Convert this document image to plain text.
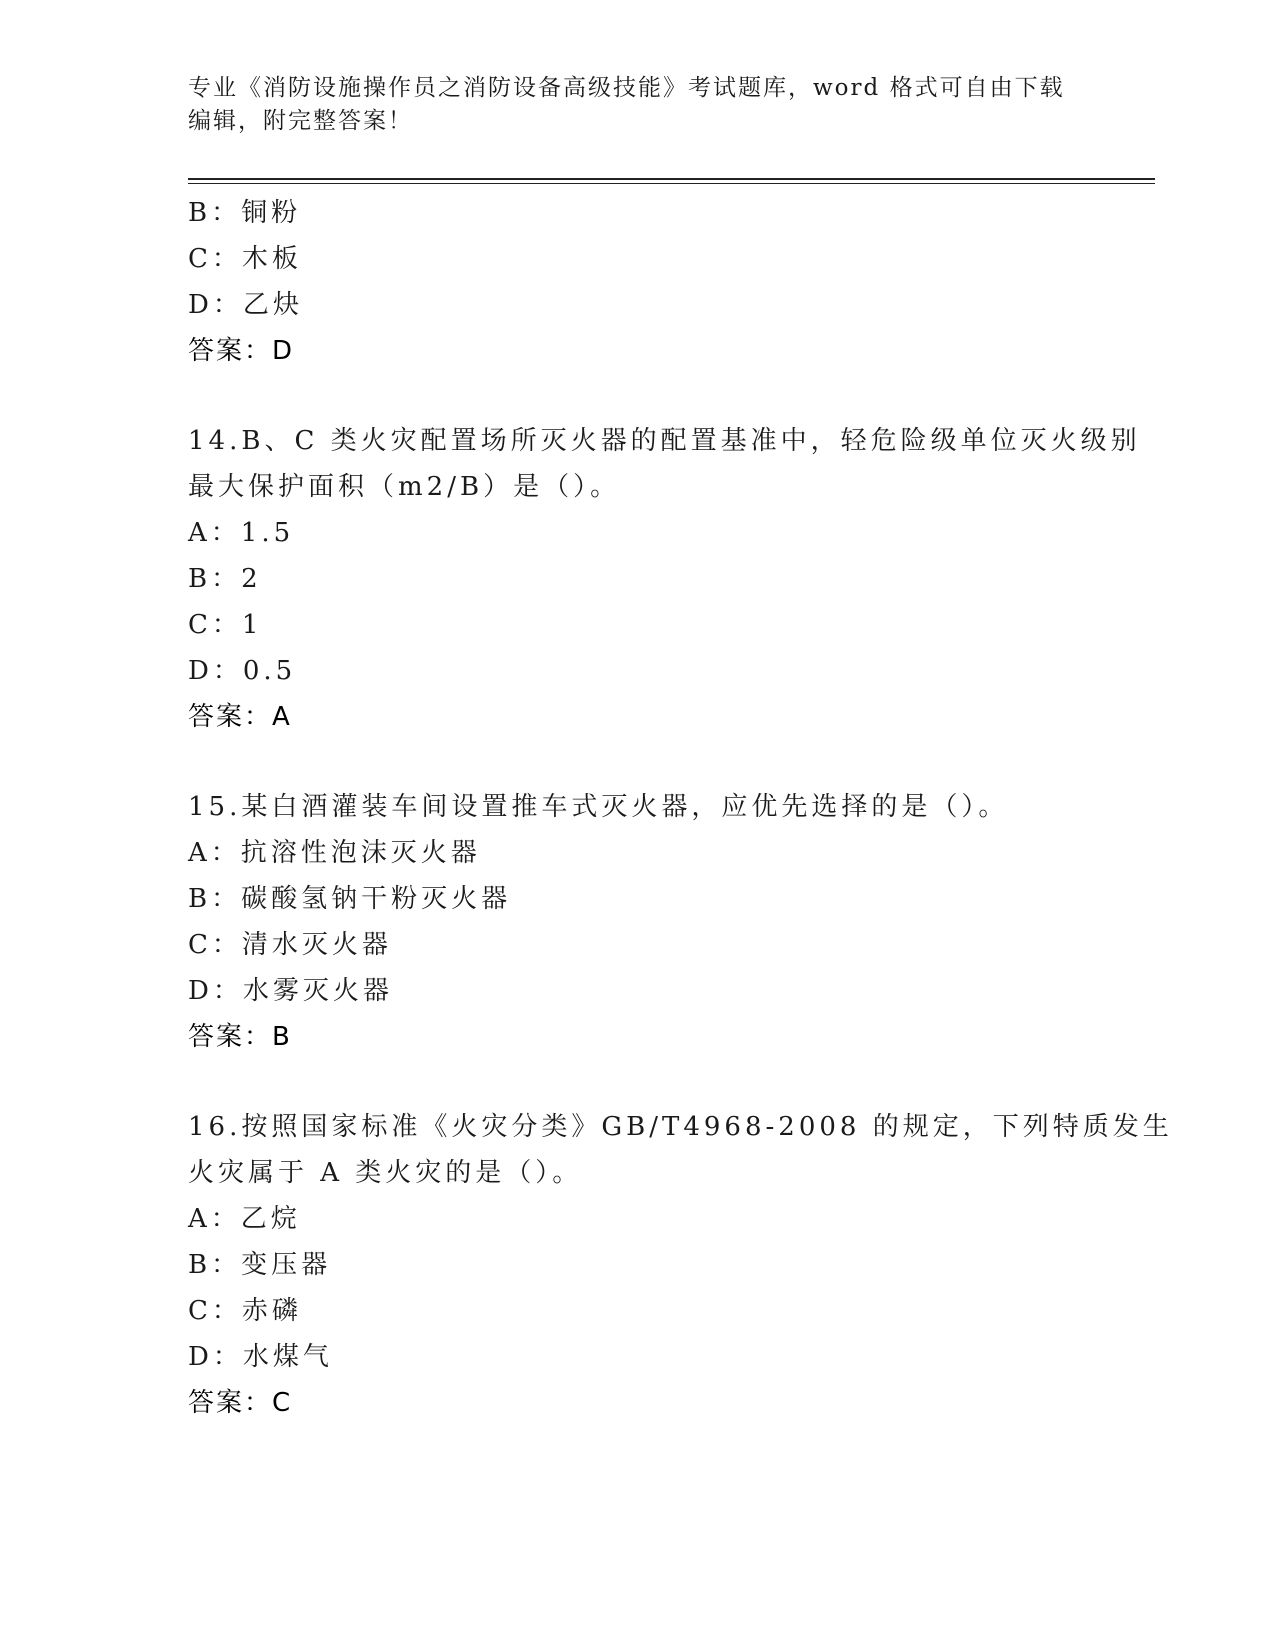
专业《消防设施操作员之消防设备高级技能》考试题库，word 格式可自由下载编辑，附完整答案！
B：铜粉
C：木板
D：乙炔
答案：D
14.B、C 类火灾配置场所灭火器的配置基准中，轻危险级单位灭火级别
最大保护面积（m2/B）是（）。
A：1.5
B：2
C：1
D：0.5
答案：A
15.某白酒灌装车间设置推车式灭火器，应优先选择的是（）。
A：抗溶性泡沫灭火器
B：碳酸氢钠干粉灭火器
C：清水灭火器
D：水雾灭火器
答案：B
16.按照国家标准《火灾分类》GB/T4968-2008 的规定，下列特质发生
火灾属于 A 类火灾的是（）。
A：乙烷
B：变压器
C：赤磷
D：水煤气
答案：C
